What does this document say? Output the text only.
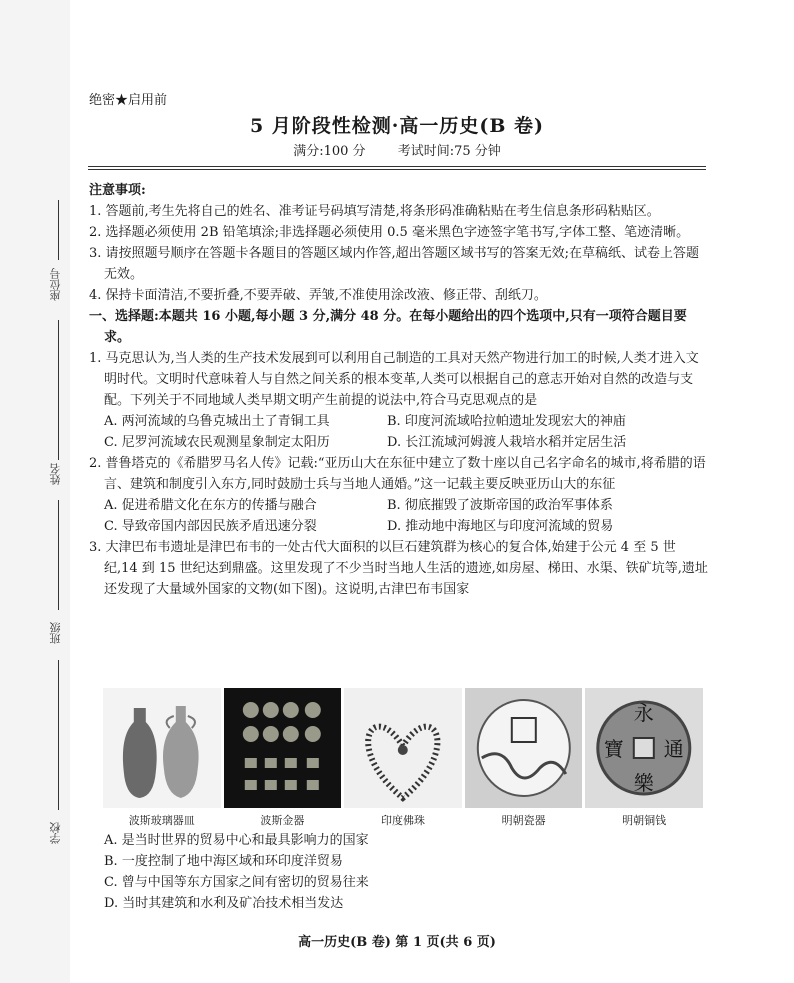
座位号
姓名
班级
学校
绝密★启用前
5 月阶段性检测·高一历史(B 卷)
满分:100 分 考试时间:75 分钟
注意事项:
1. 答题前,考生先将自己的姓名、准考证号码填写清楚,将条形码准确粘贴在考生信息条形码粘贴区。
2. 选择题必须使用 2B 铅笔填涂;非选择题必须使用 0.5 毫米黑色字迹签字笔书写,字体工整、笔迹清晰。
3. 请按照题号顺序在答题卡各题目的答题区域内作答,超出答题区域书写的答案无效;在草稿纸、试卷上答题无效。
4. 保持卡面清洁,不要折叠,不要弄破、弄皱,不准使用涂改液、修正带、刮纸刀。
一、选择题:本题共 16 小题,每小题 3 分,满分 48 分。在每小题给出的四个选项中,只有一项符合题目要求。
1. 马克思认为,当人类的生产技术发展到可以利用自己制造的工具对天然产物进行加工的时候,人类才进入文明时代。文明时代意味着人与自然之间关系的根本变革,人类可以根据自己的意志开始对自然的改造与支配。下列关于不同地域人类早期文明产生前提的说法中,符合马克思观点的是
A. 两河流域的乌鲁克城出土了青铜工具	B. 印度河流域哈拉帕遗址发现宏大的神庙
C. 尼罗河流域农民观测星象制定太阳历	D. 长江流域河姆渡人栽培水稻并定居生活
2. 普鲁塔克的《希腊罗马名人传》记载:“亚历山大在东征中建立了数十座以自己名字命名的城市,将希腊的语言、建筑和制度引入东方,同时鼓励士兵与当地人通婚。”这一记载主要反映亚历山大的东征
A. 促进希腊文化在东方的传播与融合	B. 彻底摧毁了波斯帝国的政治军事体系
C. 导致帝国内部因民族矛盾迅速分裂	D. 推动地中海地区与印度河流域的贸易
3. 大津巴布韦遗址是津巴布韦的一处古代大面积的以巨石建筑群为核心的复合体,始建于公元 4 至 5 世纪,14 到 15 世纪达到鼎盛。这里发现了不少当时当地人生活的遗迹,如房屋、梯田、水渠、铁矿坑等,遗址还发现了大量域外国家的文物(如下图)。这说明,古津巴布韦国家
永
通
樂
寶
波斯玻璃器皿	波斯金器	印度佛珠	明朝瓷器	明朝铜钱
A. 是当时世界的贸易中心和最具影响力的国家
B. 一度控制了地中海区域和环印度洋贸易
C. 曾与中国等东方国家之间有密切的贸易往来
D. 当时其建筑和水利及矿冶技术相当发达
高一历史(B 卷) 第 1 页(共 6 页)
